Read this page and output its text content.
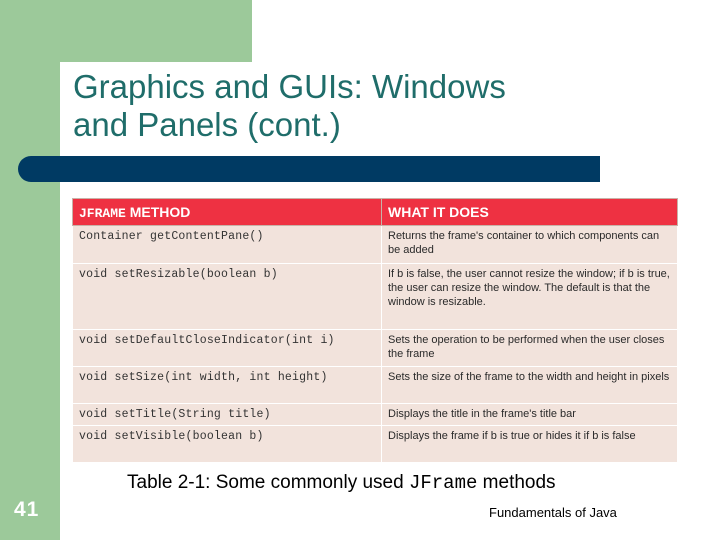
Graphics and GUIs: Windows
and Panels (cont.)
JFRAME METHOD	WHAT IT DOES
Container getContentPane()	Returns the frame's container to which components can be added
void setResizable(boolean b)	If b is false, the user cannot resize the window; if b is true, the user can resize the window. The default is that the window is resizable.
void setDefaultCloseIndicator(int i)	Sets the operation to be performed when the user closes the frame
void setSize(int width, int height)	Sets the size of the frame to the width and height in pixels
void setTitle(String title)	Displays the title in the frame's title bar
void setVisible(boolean b)	Displays the frame if b is true or hides it if b is false
Table 2-1: Some commonly used JFrame methods
41	Fundamentals of Java
